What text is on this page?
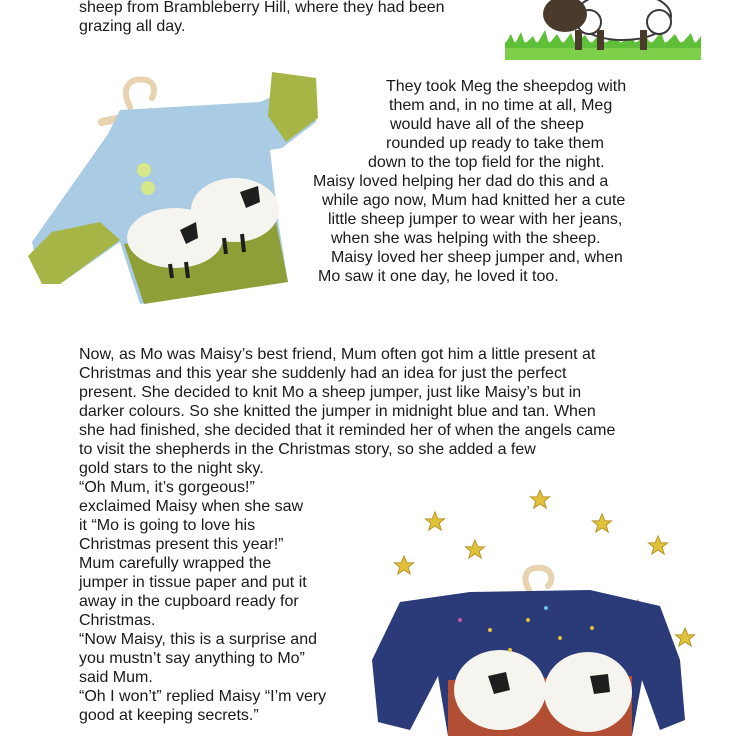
sheep from Brambleberry Hill, where they had been
grazing all day.
They took Meg the sheepdog with
them and, in no time at all, Meg
would have all of the sheep
rounded up ready to take them
down to the top field for the night.
Maisy loved helping her dad do this and a
while ago now, Mum had knitted her a cute
little sheep jumper to wear with her jeans,
when she was helping with the sheep.
Maisy loved her sheep jumper and, when
Mo saw it one day, he loved it too.
Now, as Mo was Maisy’s best friend, Mum often got him a little present at
Christmas and this year she suddenly had an idea for just the perfect
present. She decided to knit Mo a sheep jumper, just like Maisy’s but in
darker colours. So she knitted the jumper in midnight blue and tan. When
she had finished, she decided that it reminded her of when the angels came
to visit the shepherds in the Christmas story, so she added a few
gold stars to the night sky.
“Oh Mum, it’s gorgeous!”
exclaimed Maisy when she saw
it “Mo is going to love his
Christmas present this year!”
Mum carefully wrapped the
jumper in tissue paper and put it
away in the cupboard ready for
Christmas.
“Now Maisy, this is a surprise and
you mustn’t say anything to Mo”
said Mum.
“Oh I won’t” replied Maisy “I’m very
good at keeping secrets.”
